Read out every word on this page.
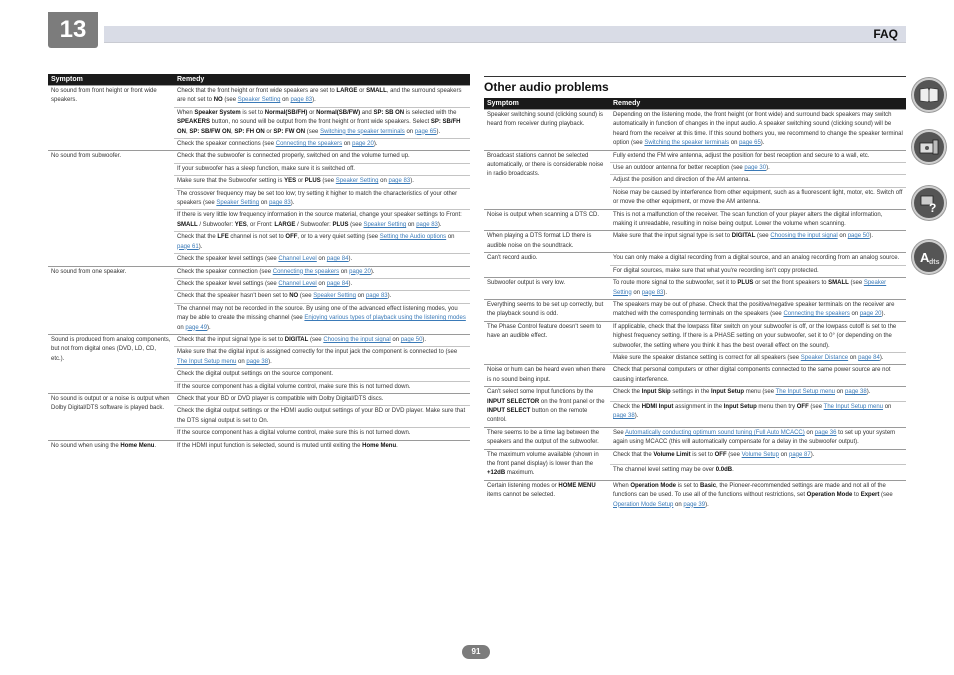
13	FAQ
Symptom	Remedy
No sound from front height or front wide speakers.	Check that the front height or front wide speakers are set to LARGE or SMALL, and the surround speakers are not set to NO (see Speaker Setting on page 83).
	When Speaker System is set to Normal(SB/FH) or Normal(SB/FW) and SP: SB ON is selected with the SPEAKERS button, no sound will be output from the front height or front wide speakers. Select SP: SB/FH ON, SP: SB/FW ON, SP: FH ON or SP: FW ON (see Switching the speaker terminals on page 65).
	Check the speaker connections (see Connecting the speakers on page 20).
No sound from subwoofer.	Check that the subwoofer is connected properly, switched on and the volume turned up.
	If your subwoofer has a sleep function, make sure it is switched off.
	Make sure that the Subwoofer setting is YES or PLUS (see Speaker Setting on page 83).
	The crossover frequency may be set too low; try setting it higher to match the characteristics of your other speakers (see Speaker Setting on page 83).
	If there is very little low frequency information in the source material, change your speaker settings to Front: SMALL / Subwoofer: YES, or Front: LARGE / Subwoofer: PLUS (see Speaker Setting on page 83).
	Check that the LFE channel is not set to OFF, or to a very quiet setting (see Setting the Audio options on page 61).
	Check the speaker level settings (see Channel Level on page 84).
No sound from one speaker.	Check the speaker connection (see Connecting the speakers on page 20).
	Check the speaker level settings (see Channel Level on page 84).
	Check that the speaker hasn't been set to NO (see Speaker Setting on page 83).
	The channel may not be recorded in the source. By using one of the advanced effect listening modes, you may be able to create the missing channel (see Enjoying various types of playback using the listening modes on page 49).
Sound is produced from analog components, but not from digital ones (DVD, LD, CD, etc.).	Check that the input signal type is set to DIGITAL (see Choosing the input signal on page 50).
	Make sure that the digital input is assigned correctly for the input jack the component is connected to (see The Input Setup menu on page 38).
	Check the digital output settings on the source component.
	If the source component has a digital volume control, make sure this is not turned down.
No sound is output or a noise is output when Dolby Digital/DTS software is played back.	Check that your BD or DVD player is compatible with Dolby Digital/DTS discs.
	Check the digital output settings or the HDMI audio output settings of your BD or DVD player. Make sure that the DTS signal output is set to On.
	If the source component has a digital volume control, make sure this is not turned down.
No sound when using the Home Menu.	If the HDMI input function is selected, sound is muted until exiting the Home Menu.
Other audio problems
Symptom	Remedy
Speaker switching sound (clicking sound) is heard from receiver during playback.	Depending on the listening mode, the front height (or front wide) and surround back speakers may switch automatically in function of changes in the input audio. A speaker switching sound (clicking sound) will be heard from the receiver at this time. If this sound bothers you, we recommend to change the speaker terminal option (see Switching the speaker terminals on page 65).
Broadcast stations cannot be selected automatically, or there is considerable noise in radio broadcasts.	Fully extend the FM wire antenna, adjust the position for best reception and secure to a wall, etc.
	Use an outdoor antenna for better reception (see page 30).
	Adjust the position and direction of the AM antenna.
	Noise may be caused by interference from other equipment, such as a fluorescent light, motor, etc. Switch off or move the other equipment, or move the AM antenna.
Noise is output when scanning a DTS CD.	This is not a malfunction of the receiver. The scan function of your player alters the digital information, making it unreadable, resulting in noise being output. Lower the volume when scanning.
When playing a DTS format LD there is audible noise on the soundtrack.	Make sure that the input signal type is set to DIGITAL (see Choosing the input signal on page 50).
Can't record audio.	You can only make a digital recording from a digital source, and an analog recording from an analog source.
	For digital sources, make sure that what you're recording isn't copy protected.
Subwoofer output is very low.	To route more signal to the subwoofer, set it to PLUS or set the front speakers to SMALL (see Speaker Setting on page 83).
Everything seems to be set up correctly, but the playback sound is odd.	The speakers may be out of phase. Check that the positive/negative speaker terminals on the receiver are matched with the corresponding terminals on the speakers (see Connecting the speakers on page 20).
The Phase Control feature doesn't seem to have an audible effect.	If applicable, check that the lowpass filter switch on your subwoofer is off, or the lowpass cutoff is set to the highest frequency setting. If there is a PHASE setting on your subwoofer, set it to 0° (or depending on the subwoofer, the setting where you think it has the best overall effect on the sound).
	Make sure the speaker distance setting is correct for all speakers (see Speaker Distance on page 84).
Noise or hum can be heard even when there is no sound being input.	Check that personal computers or other digital components connected to the same power source are not causing interference.
Can't select some Input functions by the INPUT SELECTOR on the front panel or the INPUT SELECT button on the remote control.	Check the Input Skip settings in the Input Setup menu (see The Input Setup menu on page 38).
	Check the HDMI Input assignment in the Input Setup menu then try OFF (see The Input Setup menu on page 38).
There seems to be a time lag between the speakers and the output of the subwoofer.	See Automatically conducting optimum sound tuning (Full Auto MCACC) on page 36 to set up your system again using MCACC (this will automatically compensate for a delay in the subwoofer output).
The maximum volume available (shown in the front panel display) is lower than the +12dB maximum.	Check that the Volume Limit is set to OFF (see Volume Setup on page 87).
	The channel level setting may be over 0.0dB.
Certain listening modes or HOME MENU items cannot be selected.	When Operation Mode is set to Basic, the Pioneer-recommended settings are made and not all of the functions can be used. To use all of the functions without restrictions, set Operation Mode to Expert (see Operation Mode Setup on page 39).
?
A dts
91
